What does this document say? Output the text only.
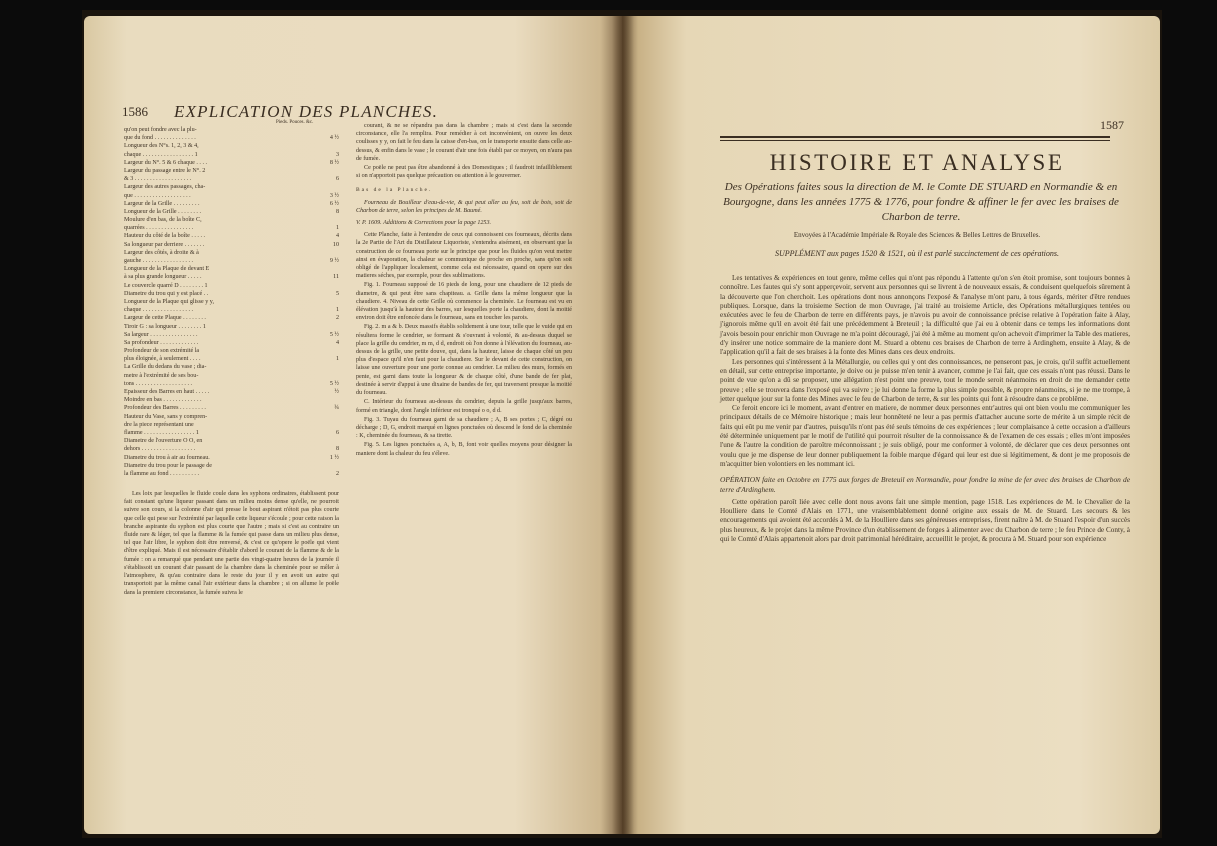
1586 EXPLICATION DES PLANCHES.
Pieds. Pouces. &c.
qu'on peut fondre avec la plu-
que du fond . . . . . . . . . . . . . .	4 ½
Longueur des N°s. 1, 2, 3 & 4,
chaque . . . . . . . . . . . . . . . . . 1	3
Largeur du N°. 5 & 6 chaque . . . .	8 ½
Largeur du passage entre le N°. 2
& 3 . . . . . . . . . . . . . . . . . . .	6
Largeur des autres passages, cha-
que . . . . . . . . . . . . . . . . . . .	3 ½
Largeur de la Grille . . . . . . . . .	6 ½
Longueur de la Grille . . . . . . . .	8
Moulure d'en bas, de la boîte C,
quarrées . . . . . . . . . . . . . . . .	1
Hauteur du côté de la boîte . . . . .	4
Sa longueur par derriere . . . . . . .	10
Largeur des côtés, à droite & à
gauche . . . . . . . . . . . . . . . . .	9 ½
Longueur de la Plaque de devant E
à sa plus grande longueur . . . . .	11
Le couvercle quarré D . . . . . . . . 1
Diametre du trou qui y est placé . .	5
Longueur de la Plaque qui glisse y y,
chaque . . . . . . . . . . . . . . . . .	1
Largeur de cette Plaque . . . . . . . .	2
Tiroir G : sa longueur . . . . . . . . 1
Sa largeur . . . . . . . . . . . . . . . .	5 ½
Sa profondeur . . . . . . . . . . . . .	4
Profondeur de son extrémité la
plus éloignée, à seulement . . . .	1
La Grille du dedans du vase ; dia-
metre à l'extrémité de ses bou-
tons . . . . . . . . . . . . . . . . . . .	5 ½
Epaisseur des Barres en haut . . . . .	½
Moindre en bas . . . . . . . . . . . . .
Profondeur des Barres . . . . . . . . .	¾
Hauteur du Vase, sans y compren-
dre la piece représentant une
flamme . . . . . . . . . . . . . . . . . 1	6
Diametre de l'ouverture O O, en
dehors . . . . . . . . . . . . . . . . . .	8
Diametre du trou à air au fourneau.	1 ½
Diametre du trou pour le passage de
la flamme au fond . . . . . . . . . .	2

Les loix par lesquelles le fluide coule dans les syphons ordinaires, établissent pour fait constant qu'une liqueur passant dans un milieu moins dense qu'elle, ne pourroit suivre son cours, si la colonne d'air qui presse le bout aspirant n'étoit pas plus courte que celle qui pese sur l'extrémité par laquelle cette liqueur s'écoule ; pour cette raison la branche aspirante du syphon est plus courte que l'autre ; mais si c'est au contraire un fluide rare & léger, tel que la flamme & la fumée qui passe dans un milieu plus dense, tel que l'air libre, le syphon doit être renversé, & c'est ce qu'opere le poële qui vient d'être expliqué. Mais il est nécessaire d'établir d'abord le courant de la flamme & de la fumée : on a remarqué que pendant une partie des vingt-quatre heures de la journée il s'établissoit un courant d'air passant de la chambre dans la cheminée pour se mêler à l'atmosphere, & qu'au contraire dans le reste du jour il y en avoit un autre qui transportoit par la même canal l'air extérieur dans la chambre ; si on allume le poële dans la premiere circonstance, la fumée suivra le

courant, & ne se répandra pas dans la chambre ; mais si c'est dans la seconde circonstance, elle l'a remplira. Pour remédier à cet inconvénient, on ouvre les deux coulisses y y, on fait le feu dans la caisse d'en-bas, on le transporte ensuite dans celle au-dessus, & enfin dans le vase ; le courant d'air une fois établi par ce moyen, on n'aura pas de fumée.

Ce poële ne peut pas être abandonné à des Domestiques ; il faudroit infailliblement si on n'apportoit pas quelque précaution ou attention à le gouverner.

Bas de la Planche.

Fourneau de Bouilleur d'eau-de-vie, & qui peut aller au feu, soit de bois, soit de Charbon de terre, selon les principes de M. Baumé.

V. P. 1609. Additions & Corrections pour la page 1253.

Cette Planche, faite à l'entendre de ceux qui connoissent ces fourneaux, décrits dans la 2e Partie de l'Art du Distillateur Liquoriste, s'entendra aisément, en observant que la construction de ce fourneau porte sur le principe que pour les fluides qu'on veut mettre ainsi en évaporation, la chaleur se communique de proche en proche, sans qu'on soit obligé de l'appliquer localement, comme cela est nécessaire, quand on opere sur des matieres séches, par exemple, pour des sublimations.

Fig. 1. Fourneau supposé de 16 pieds de long, pour une chaudiere de 12 pieds de diametre, & qui peut être sans chapiteau. a. Grille dans la même longueur que la chaudiere. 4. Niveau de cette Grille où commence la cheminée. Le fourneau est vu en élévation jusqu'à la hauteur des barres, sur lesquelles porte la chaudiere, dont la moitié environ doit être enfoncée dans le fourneau, sans en toucher les parois.

Fig. 2. m a & b. Deux massifs établis solidement à une tour, telle que le vuide qui en résultera forme le cendrier, se formant & s'ouvrant à volonté, & au-dessus duquel se place la grille du cendrier, m m, d d, endroit où l'on donne à l'élévation du fourneau, au-dessus de la grille, une petite douve, qui, dans la hauteur, laisse de chaque côté un peu plus d'espace qu'il n'en faut pour la chaudiere. Sur le devant de cette construction, on laisse une ouverture pour une porte connue au cendrier. Le milieu des murs, formés en pente, est garni dans toute la longueur & de chaque côté, d'une bande de fer plat, destinée à servir d'appui à une dixaine de bandes de fer, qui traversent presque la moitié du fourneau.

C. Intérieur du fourneau au-dessus du cendrier, depuis la grille jusqu'aux barres, formé en triangle, dont l'angle inférieur est tronqué o o, d d.

Fig. 3. Tuyau du fourneau garni de sa chaudiere ; A, B ses portes ; C, dégré ou décharge ; D, G, endroit marqué en lignes ponctuées où descend le fond de la cheminée : K, cheminée du fourneau, & sa tirette.

Fig. 5. Les lignes ponctuées a, A, b, B, font voir quelles moyens pour désigner la maniere dont la chaleur du feu s'éleve.

1587
HISTOIRE ET ANALYSE
Des Opérations faites sous la direction de M. le Comte DE STUARD en Normandie & en Bourgogne, dans les années 1775 & 1776, pour fondre & affiner le fer avec les braises de Charbon de terre.
Envoyées à l'Académie Impériale & Royale des Sciences & Belles Lettres de Bruxelles.
SUPPLÉMENT aux pages 1520 & 1521, où il est parlé succinctement de ces opérations.

Les tentatives & expériences en tout genre, même celles qui n'ont pas répondu à l'attente qu'on s'en étoit promise, sont toujours bonnes à connoître. Les fautes qui s'y sont apperçevoir, servent aux personnes qui se livrent à de nouveaux essais, & conduisent quelquefois sûrement à la découverte que l'on cherchoit. Les opérations dont nous annonçons l'exposé & l'analyse m'ont paru, à tous égards, mériter d'être rendues publiques. Lorsque, dans la troisieme Section de mon Ouvrage, j'ai traité au troisieme Article, des Opérations métallurgiques tentées ou exécutées avec le feu de Charbon de terre en différents pays, je n'avois pu avoir de connoissance précise relative à l'opération faite à Alay, j'ignorois même qu'il en avoit été fait une précédemment à Breteuil ; la difficulté que j'ai eu à obtenir dans ce temps les informations dont j'avois besoin pour enrichir mon Ouvrage ne m'a point découragé, j'ai été à même au moment qu'on achevoit d'imprimer la Table des matieres, d'y insérer une notice sommaire de la maniere dont M. Stuard a obtenu ces braises de Charbon de terre à Ardinghem, ensuite à Alay, & de l'application qu'il a fait de ses braises à la fonte des Mines dans ces deux endroits.

Les personnes qui s'intéressent à la Métallurgie, ou celles qui y ont des connoissances, ne penseront pas, je crois, qu'il suffit actuellement en détail, sur cette entreprise importante, je doive ou je puisse m'en tenir à avancer, comme je l'ai fait, que ces essais n'ont pas réussi. Dans le point de vue qu'on a dû se proposer, une allégation n'est point une preuve, tout le monde seroit néanmoins en droit de me demander cette preuve ; elle se trouvera dans l'exposé qui va suivre ; je lui donne la forme la plus simple possible, & propre néanmoins, si je ne me trompe, à jetter quelque jour sur la fonte des Mines avec le feu de Charbon de terre, & sur les points qui font à résoudre dans ce problême.

Ce feroit encore ici le moment, avant d'entrer en matiere, de nommer deux personnes entr'autres qui ont bien voulu me communiquer les principaux détails de ce Mémoire historique ; mais leur honnêteté ne leur a pas permis d'attacher aucune sorte de mérite à un simple récit de faits qui eût pu me venir par d'autres, puisqu'ils n'ont pas été seuls témoins de ces expériences ; leur complaisance à cette occasion a d'ailleurs été déterminée uniquement par le motif de l'utilité qui pourroit résulter de la connoissance & de l'examen de ces essais ; elles m'ont imposées l'une & l'autre la condition de paroître méconnoissant ; je suis obligé, pour me conformer à volonté, de déclarer que ces deux personnes ont voulu que je me dispense de leur donner publiquement la foible marque d'égard qui leur est due si légitimement, & dont je me proposois de m'acquitter bien volontiers en les nommant ici.

OPÉRATION faite en Octobre en 1775 aux forges de Breteuil en Normandie, pour fondre la mine de fer avec des braises de Charbon de terre d'Ardinghem.

Cette opération paroît liée avec celle dont nous avons fait une simple mention, page 1518. Les expériences de M. le Chevalier de la Houlliere dans le Comté d'Alais en 1771, une vraisemblablement donné origine aux essais de M. de Stuard. Les secours & les encouragements qui avoient été accordés à M. de la Houlliere dans ses généreuses entreprises, firent naître à M. de Stuard l'espoir d'un succès plus heureux, & le projet dans la même Province d'un établissement de forges à alimenter avec du Charbon de terre ; le feu Prince de Conty, à qui le Comté d'Alais appartenoit alors par droit patrimonial héréditaire, accueillit le projet, & procura à M. Stuard pour son expérience
